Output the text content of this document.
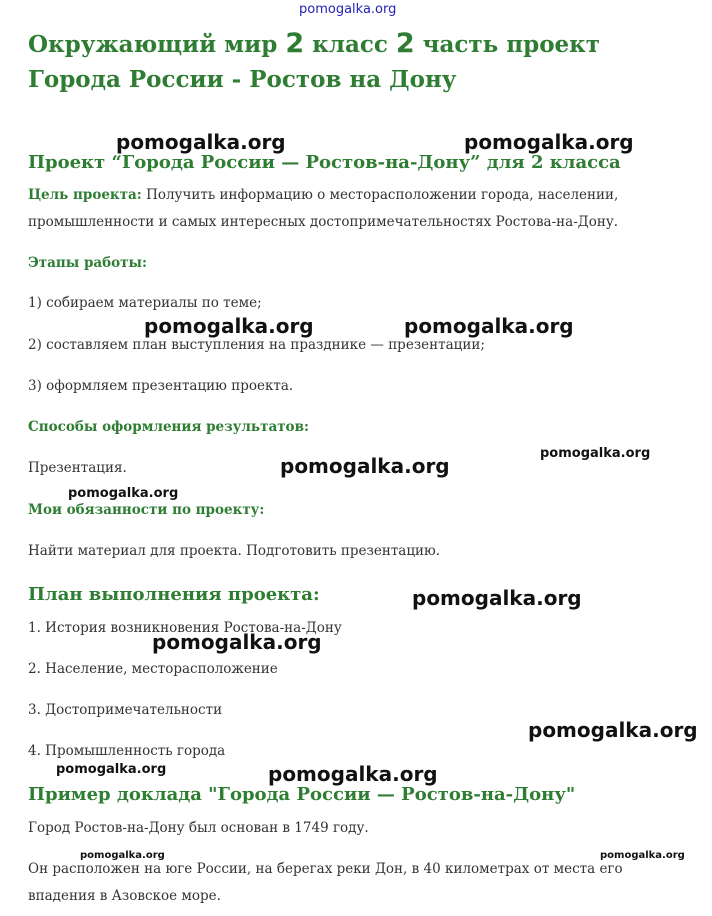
Окружающий мир 2 класс 2 часть проект Города России - Ростов на Дону
Проект “Города России — Ростов-на-Дону” для 2 класса

Цель проекта: Получить информацию о месторасположении города, населении, промышленности и самых интересных достопримечательностях Ростова-на-Дону.

Этапы работы:
1) собираем материалы по теме;
2) составляем план выступления на празднике — презентации;
3) оформляем презентацию проекта.
Способы оформления результатов:
Презентация.
Мои обязанности по проекту:
Найти материал для проекта. Подготовить презентацию.
План выполнения проекта:
1. История возникновения Ростова-на-Дону
2. Население, месторасположение
3. Достопримечательности
4. Промышленность города
Пример доклада "Города России — Ростов-на-Дону"
Город Ростов-на-Дону был основан в 1749 году.
Он расположен на юге России, на берегах реки Дон, в 40 километрах от места его впадения в Азовское море.
pomogalka.org
pomogalka.org	pomogalka.org
pomogalka.org	pomogalka.org
pomogalka.org
pomogalka.org
pomogalka.org
pomogalka.org
pomogalka.org
pomogalka.org
pomogalka.org	pomogalka.org
pomogalka.org	pomogalka.org
